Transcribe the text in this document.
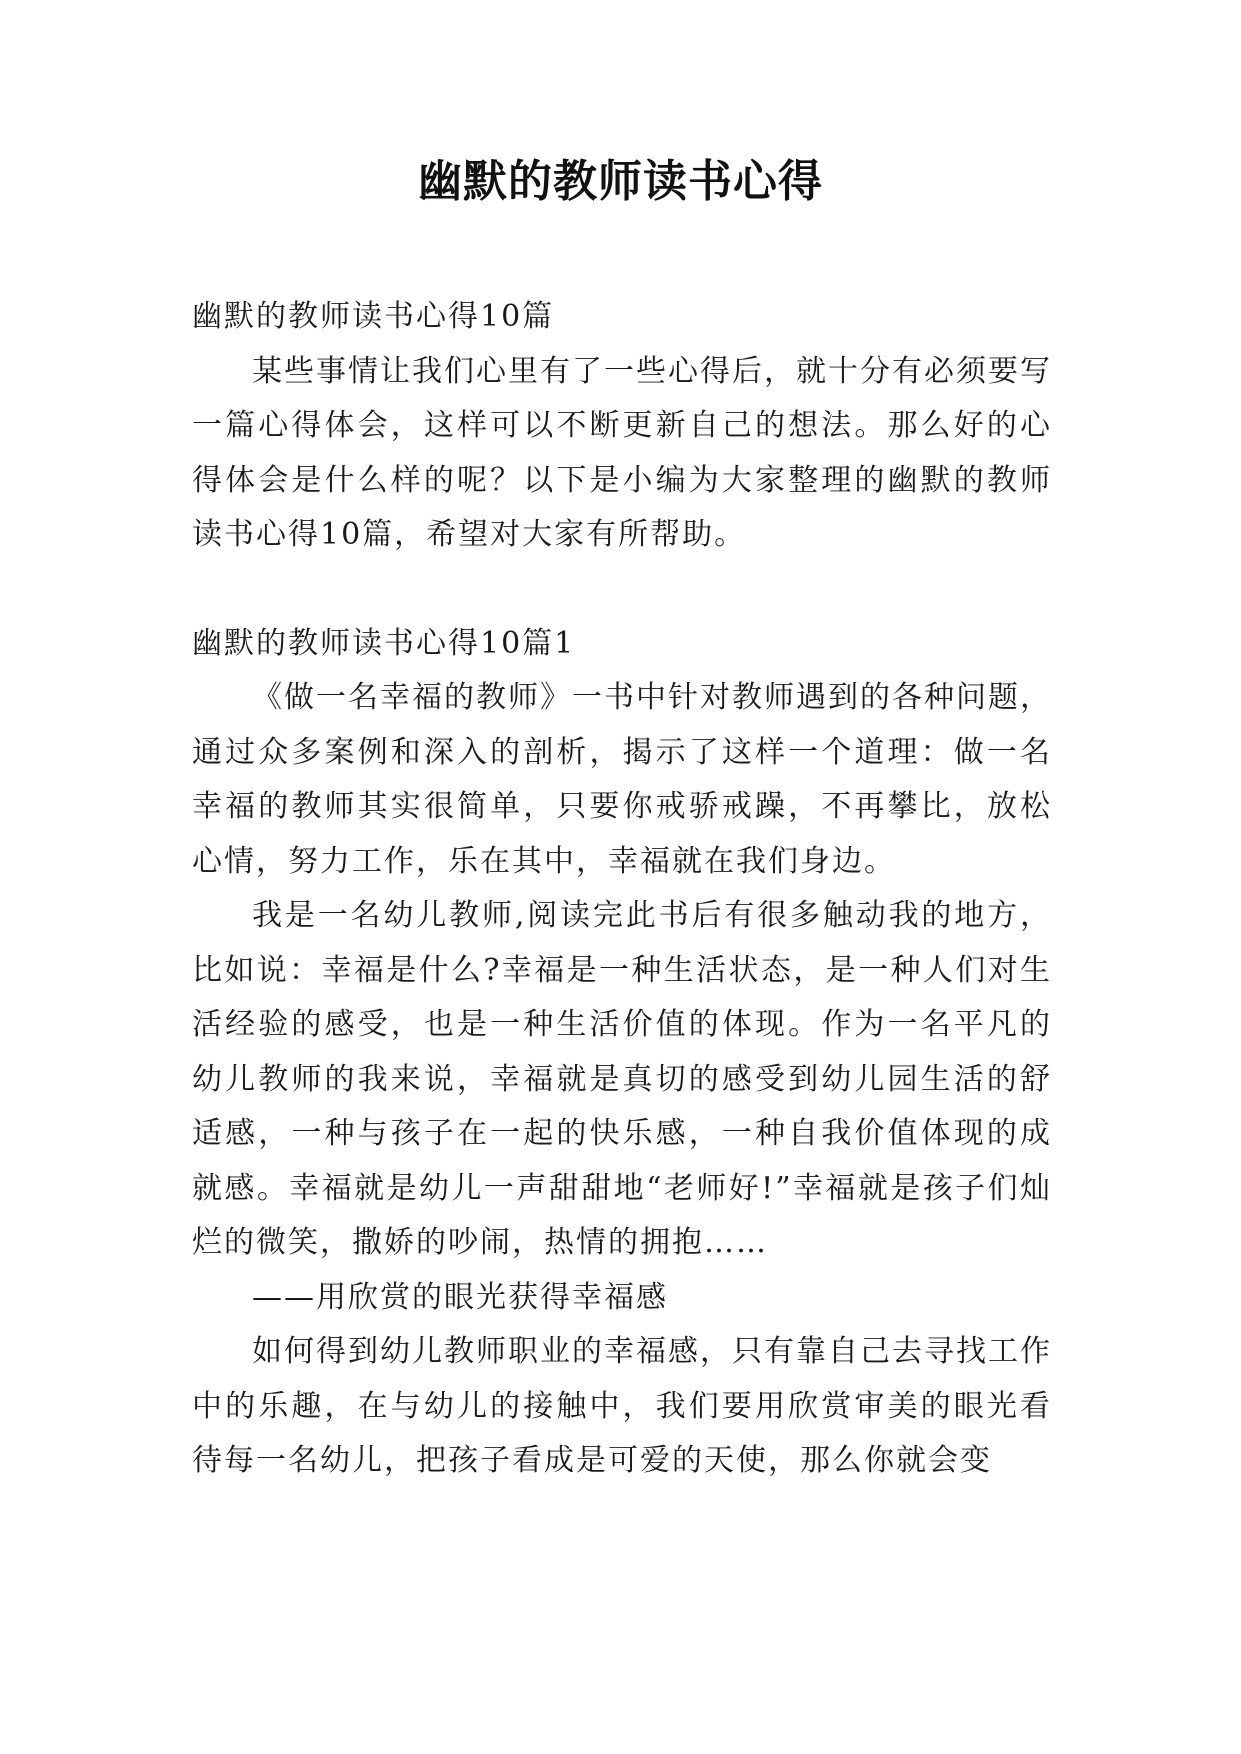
幽默的教师读书心得

幽默的教师读书心得10篇

某些事情让我们心里有了一些心得后，就十分有必须要写一篇心得体会，这样可以不断更新自己的想法。那么好的心得体会是什么样的呢？以下是小编为大家整理的幽默的教师读书心得10篇，希望对大家有所帮助。

幽默的教师读书心得10篇1

《做一名幸福的教师》一书中针对教师遇到的各种问题，通过众多案例和深入的剖析，揭示了这样一个道理：做一名幸福的教师其实很简单，只要你戒骄戒躁，不再攀比，放松心情，努力工作，乐在其中，幸福就在我们身边。

我是一名幼儿教师,阅读完此书后有很多触动我的地方，比如说：幸福是什么?幸福是一种生活状态，是一种人们对生活经验的感受，也是一种生活价值的体现。作为一名平凡的幼儿教师的我来说，幸福就是真切的感受到幼儿园生活的舒适感，一种与孩子在一起的快乐感，一种自我价值体现的成就感。幸福就是幼儿一声甜甜地“老师好!”幸福就是孩子们灿烂的微笑，撒娇的吵闹，热情的拥抱……

——用欣赏的眼光获得幸福感

如何得到幼儿教师职业的幸福感，只有靠自己去寻找工作中的乐趣，在与幼儿的接触中，我们要用欣赏审美的眼光看待每一名幼儿，把孩子看成是可爱的天使，那么你就会变
